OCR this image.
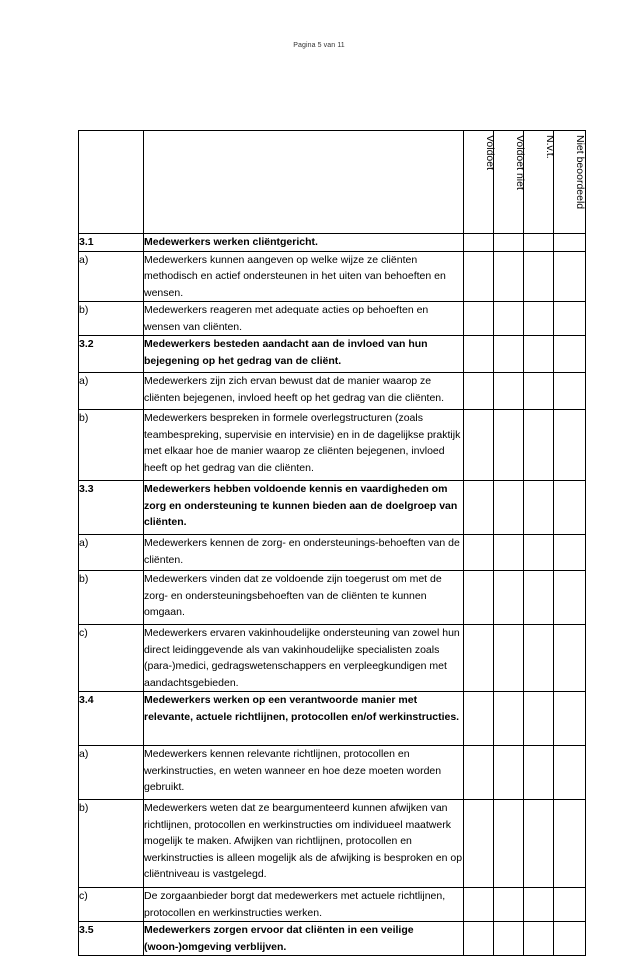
Pagina 5 van 11

		Voldoet	Voldoet niet	N.v.t.	Niet beoordeeld

3.1	Medewerkers werken cliëntgericht.				
a)	Medewerkers kunnen aangeven op welke wijze ze cliënten methodisch en actief ondersteunen in het uiten van behoeften en wensen.				
b)	Medewerkers reageren met adequate acties op behoeften en wensen van cliënten.				
3.2	Medewerkers besteden aandacht aan de invloed van hun bejegening op het gedrag van de cliënt.				
a)	Medewerkers zijn zich ervan bewust dat de manier waarop ze cliënten bejegenen, invloed heeft op het gedrag van die cliënten.				
b)	Medewerkers bespreken in formele overlegstructuren (zoals teambespreking, supervisie en intervisie) en in de dagelijkse praktijk met elkaar hoe de manier waarop ze cliënten bejegenen, invloed heeft op het gedrag van die cliënten.				
3.3	Medewerkers hebben voldoende kennis en vaardigheden om zorg en ondersteuning te kunnen bieden aan de doelgroep van cliënten.				
a)	Medewerkers kennen de zorg- en ondersteunings-behoeften van de cliënten.				
b)	Medewerkers vinden dat ze voldoende zijn toegerust om met de zorg- en ondersteuningsbehoeften van de cliënten te kunnen omgaan.				
c)	Medewerkers ervaren vakinhoudelijke ondersteuning van zowel hun direct leidinggevende als van vakinhoudelijke specialisten zoals (para-)medici, gedragswetenschappers en verpleegkundigen met aandachtsgebieden.				
3.4	Medewerkers werken op een verantwoorde manier met relevante, actuele richtlijnen, protocollen en/of werkinstructies.				
a)	Medewerkers kennen relevante richtlijnen, protocollen en werkinstructies, en weten wanneer en hoe deze moeten worden gebruikt.				
b)	Medewerkers weten dat ze beargumenteerd kunnen afwijken van richtlijnen, protocollen en werkinstructies om individueel maatwerk mogelijk te maken. Afwijken van richtlijnen, protocollen en werkinstructies is alleen mogelijk als de afwijking is besproken en op cliëntniveau is vastgelegd.				
c)	De zorgaanbieder borgt dat medewerkers met actuele richtlijnen, protocollen en werkinstructies werken.				
3.5	Medewerkers zorgen ervoor dat cliënten in een veilige (woon-)omgeving verblijven.				
